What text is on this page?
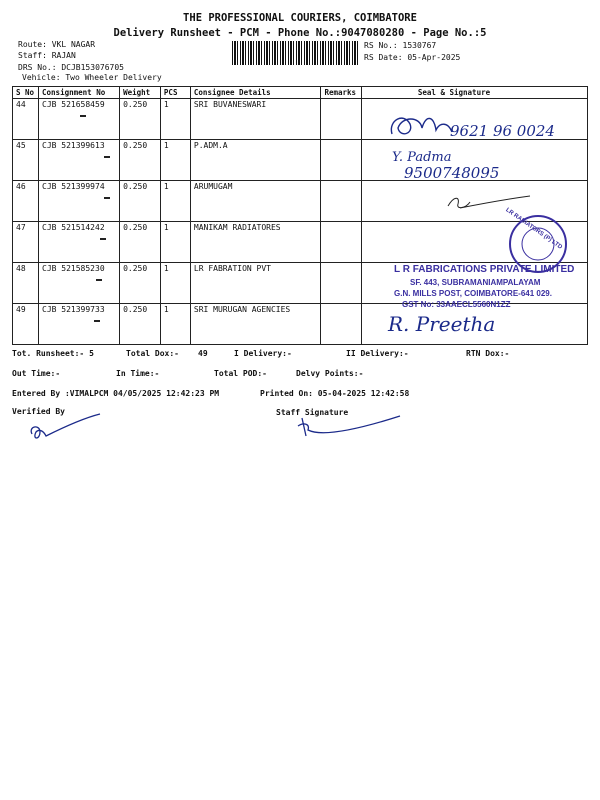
THE PROFESSIONAL COURIERS, COIMBATORE
Delivery Runsheet - PCM - Phone No.:9047080280 - Page No.:5
Route: VKL NAGAR
Staff: RAJAN
DRS No.: DCJB153076705
Vehicle: Two Wheeler Delivery
RS No.: 1530767
RS Date: 05-Apr-2025
S No	Consignment No	Weight	PCS	Consignee Details	Remarks	Seal & Signature
44	CJB 521658459	0.250	1	SRI BUVANESWARI		
45	CJB 521399613	0.250	1	P.ADM.A		
46	CJB 521399974	0.250	1	ARUMUGAM		
47	CJB 521514242	0.250	1	MANIKAM RADIATORES		
48	CJB 521585230	0.250	1	LR FABRATION PVT		
49	CJB 521399733	0.250	1	SRI MURUGAN AGENCIES		
9621 96 0024
Y. Padma
9500748095
LR RADIATORS (P) LTD
L R FABRICATIONS PRIVATE LIMITED
SF. 443, SUBRAMANIAMPALAYAM
G.N. MILLS POST, COIMBATORE-641 029.
GST No: 33AAECL5560N1ZZ
R. Preetha
Tot. Runsheet:- 5	Total Dox:- 49	I Delivery:-	II Delivery:-	RTN Dox:-
Out Time:-	In Time:-	Total POD:-	Delvy Points:-
Entered By :VIMALPCM 04/05/2025 12:42:23 PM	Printed On: 05-04-2025 12:42:58
Verified By	Staff Signature
